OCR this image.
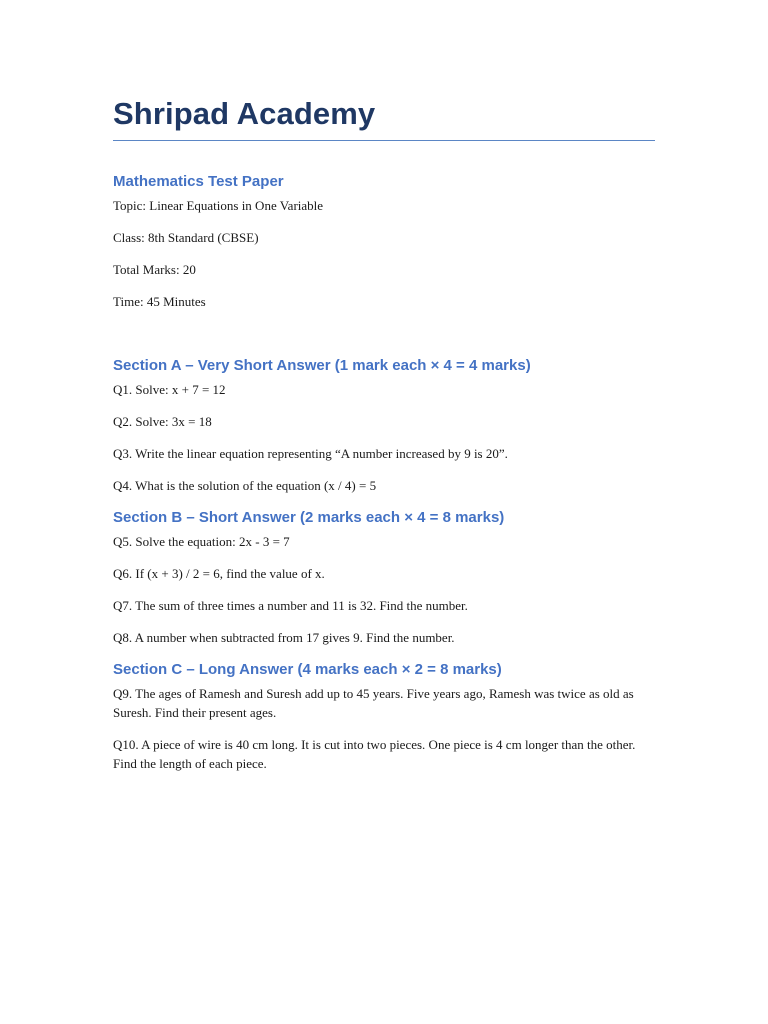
Shripad Academy
Mathematics Test Paper

Topic: Linear Equations in One Variable

Class: 8th Standard (CBSE)

Total Marks: 20

Time: 45 Minutes

Section A – Very Short Answer (1 mark each × 4 = 4 marks)

Q1. Solve: x + 7 = 12

Q2. Solve: 3x = 18

Q3. Write the linear equation representing “A number increased by 9 is 20”.

Q4. What is the solution of the equation (x / 4) = 5

Section B – Short Answer (2 marks each × 4 = 8 marks)

Q5. Solve the equation: 2x - 3 = 7

Q6. If (x + 3) / 2 = 6, find the value of x.

Q7. The sum of three times a number and 11 is 32. Find the number.

Q8. A number when subtracted from 17 gives 9. Find the number.

Section C – Long Answer (4 marks each × 2 = 8 marks)

Q9. The ages of Ramesh and Suresh add up to 45 years. Five years ago, Ramesh was twice as old as Suresh. Find their present ages.

Q10. A piece of wire is 40 cm long. It is cut into two pieces. One piece is 4 cm longer than the other. Find the length of each piece.
